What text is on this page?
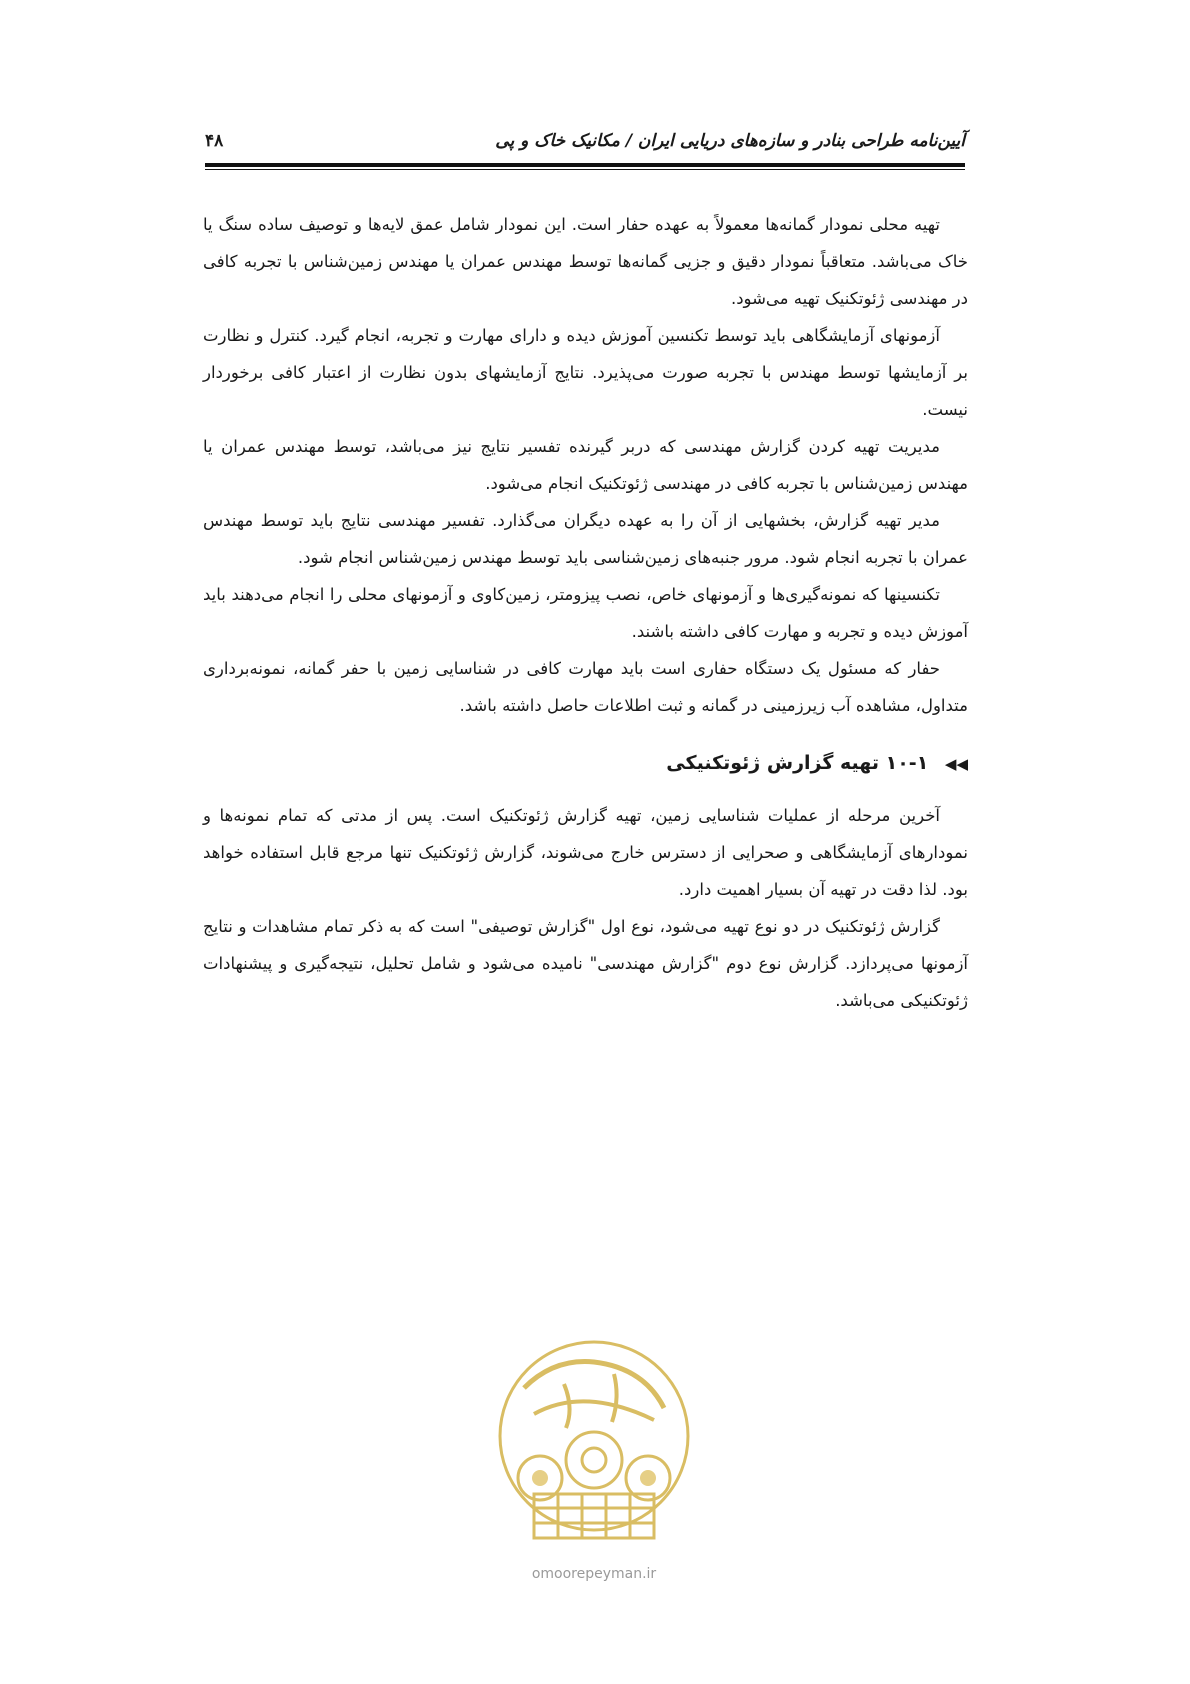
آیین‌نامه طراحی بنادر و سازه‌های دریایی ایران / مکانیک خاک و پی
۴۸

تهیه محلی نمودار گمانه‌ها معمولاً به عهده حفار است. این نمودار شامل عمق لایه‌ها و توصیف ساده سنگ یا خاک می‌باشد. متعاقباً نمودار دقیق و جزیی گمانه‌ها توسط مهندس عمران یا مهندس زمین‌شناس با تجربه کافی در مهندسی ژئوتکنیک تهیه می‌شود.

آزمونهای آزمایشگاهی باید توسط تکنسین آموزش دیده و دارای مهارت و تجربه، انجام گیرد. کنترل و نظارت بر آزمایشها توسط مهندس با تجربه صورت می‌پذیرد. نتایج آزمایشهای بدون نظارت از اعتبار کافی برخوردار نیست.

مدیریت تهیه کردن گزارش مهندسی که دربر گیرنده تفسیر نتایج نیز می‌باشد، توسط مهندس عمران یا مهندس زمین‌شناس با تجربه کافی در مهندسی ژئوتکنیک انجام می‌شود.

مدیر تهیه گزارش، بخشهایی از آن را به عهده دیگران می‌گذارد. تفسیر مهندسی نتایج باید توسط مهندس عمران با تجربه انجام شود. مرور جنبه‌های زمین‌شناسی باید توسط مهندس زمین‌شناس انجام شود.

تکنسینها که نمونه‌گیری‌ها و آزمونهای خاص، نصب پیزومتر، زمین‌کاوی و آزمونهای محلی را انجام می‌دهند باید آموزش دیده و تجربه و مهارت کافی داشته باشند.

حفار که مسئول یک دستگاه حفاری است باید مهارت کافی در شناسایی زمین با حفر گمانه، نمونه‌برداری متداول، مشاهده آب زیرزمینی در گمانه و ثبت اطلاعات حاصل داشته باشد.

◀◀ ۱۰-۱ تهیه گزارش ژئوتکنیکی

آخرین مرحله از عملیات شناسایی زمین، تهیه گزارش ژئوتکنیک است. پس از مدتی که تمام نمونه‌ها و نمودارهای آزمایشگاهی و صحرایی از دسترس خارج می‌شوند، گزارش ژئوتکنیک تنها مرجع قابل استفاده خواهد بود. لذا دقت در تهیه آن بسیار اهمیت دارد.

گزارش ژئوتکنیک در دو نوع تهیه می‌شود، نوع اول "گزارش توصیفی" است که به ذکر تمام مشاهدات و نتایج آزمونها می‌پردازد. گزارش نوع دوم "گزارش مهندسی" نامیده می‌شود و شامل تحلیل، نتیجه‌گیری و پیشنهادات ژئوتکنیکی می‌باشد.

omoorepeyman.ir
